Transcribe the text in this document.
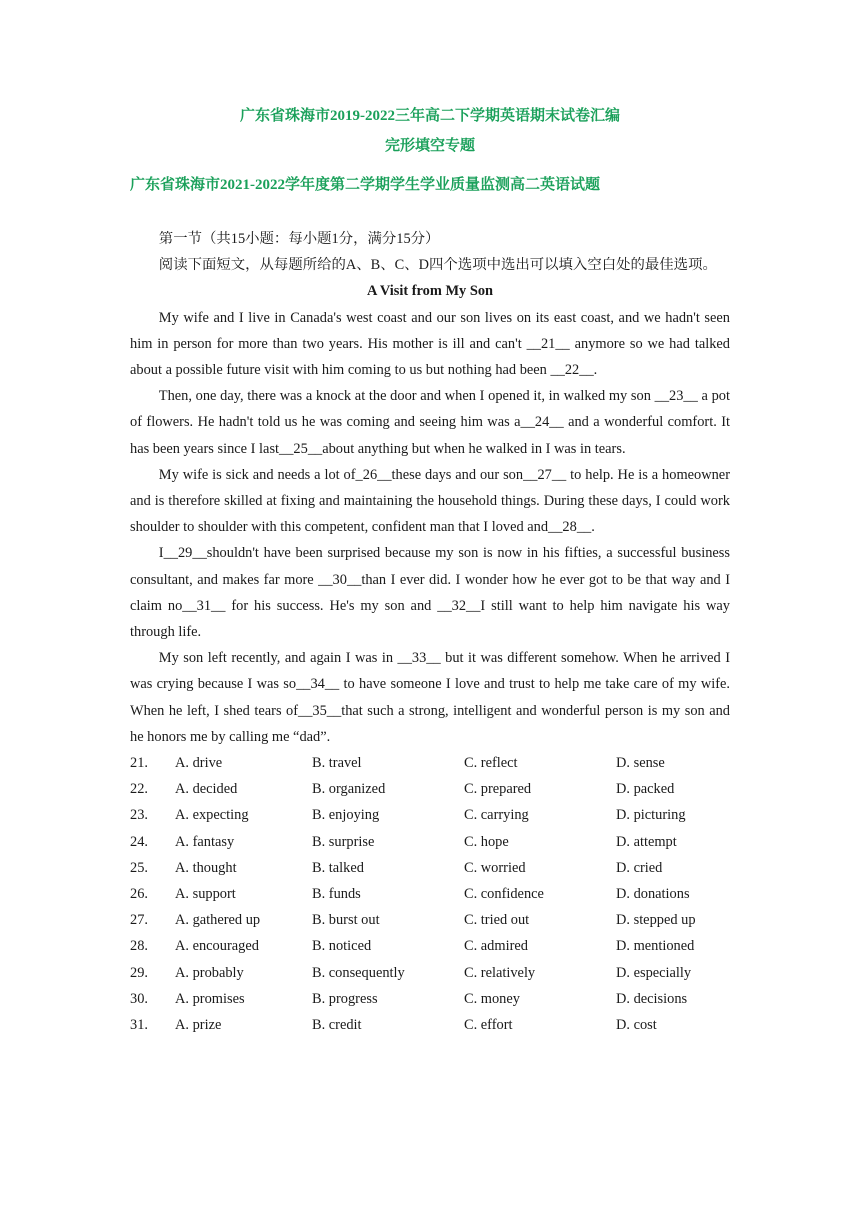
广东省珠海市2019-2022三年高二下学期英语期末试卷汇编
完形填空专题
广东省珠海市2021-2022学年度第二学期学生学业质量监测高二英语试题

第一节（共15小题：每小题1分，满分15分）

阅读下面短文，从每题所给的A、B、C、D四个选项中选出可以填入空白处的最佳选项。

A Visit from My Son

My wife and I live in Canada's west coast and our son lives on its east coast, and we hadn't seen him in person for more than two years. His mother is ill and can't __21__ anymore so we had talked about a possible future visit with him coming to us but nothing had been __22__.

Then, one day, there was a knock at the door and when I opened it, in walked my son __23__ a pot of flowers. He hadn't told us he was coming and seeing him was a__24__ and a wonderful comfort. It has been years since I last__25__about anything but when he walked in I was in tears.

My wife is sick and needs a lot of_26__these days and our son__27__ to help. He is a homeowner and is therefore skilled at fixing and maintaining the household things. During these days, I could work shoulder to shoulder with this competent, confident man that I loved and__28__.

I__29__shouldn't have been surprised because my son is now in his fifties, a successful business consultant, and makes far more __30__than I ever did. I wonder how he ever got to be that way and I claim no__31__ for his success. He's my son and __32__I still want to help him navigate his way through life.

My son left recently, and again I was in __33__ but it was different somehow. When he arrived I was crying because I was so__34__ to have someone I love and trust to help me take care of my wife. When he left, I shed tears of__35__that such a strong, intelligent and wonderful person is my son and he honors me by calling me “dad”.

21.	A. drive	B. travel	C. reflect	D. sense
22.	A. decided	B. organized	C. prepared	D. packed
23.	A. expecting	B. enjoying	C. carrying	D. picturing
24.	A. fantasy	B. surprise	C. hope	D. attempt
25.	A. thought	B. talked	C. worried	D. cried
26.	A. support	B. funds	C. confidence	D. donations
27.	A. gathered up	B. burst out	C. tried out	D. stepped up
28.	A. encouraged	B. noticed	C. admired	D. mentioned
29.	A. probably	B. consequently	C. relatively	D. especially
30.	A. promises	B. progress	C. money	D. decisions
31.	A. prize	B. credit	C. effort	D. cost
